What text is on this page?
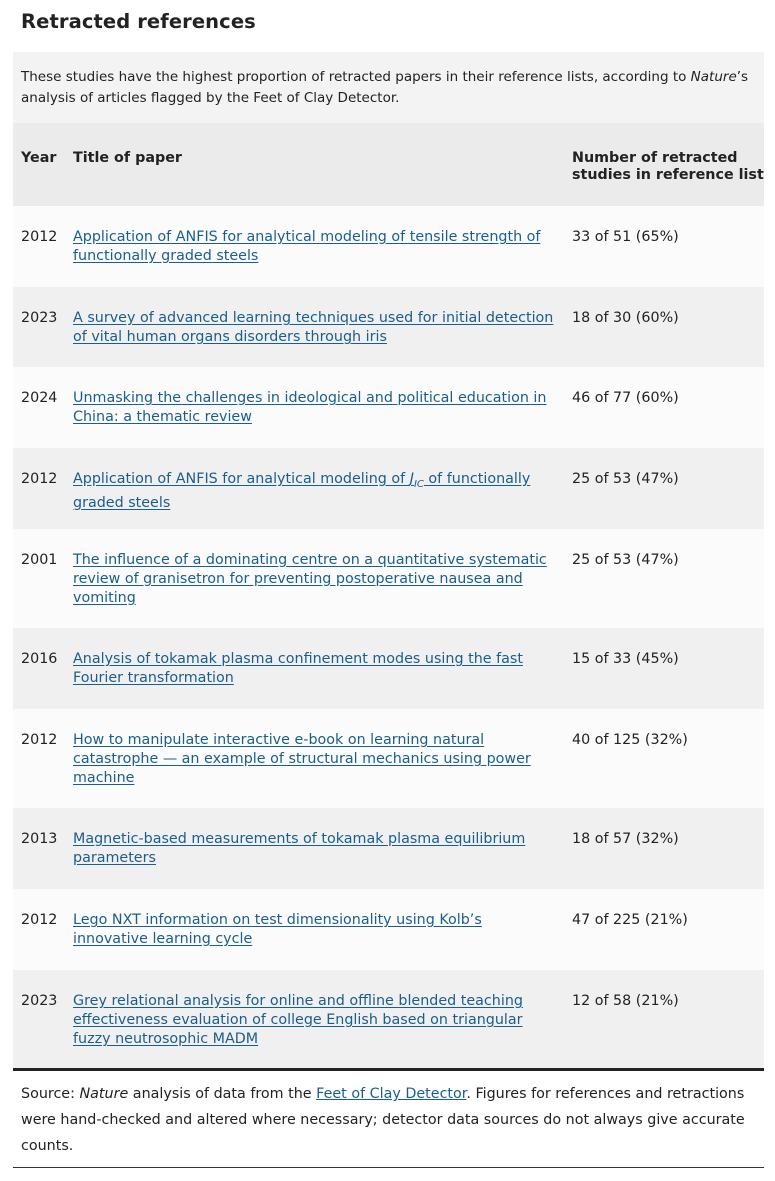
Retracted references
These studies have the highest proportion of retracted papers in their reference lists, according to Nature’s
analysis of articles flagged by the Feet of Clay Detector.
Year	Title of paper	Number of retracted
studies in reference list
2012	Application of ANFIS for analytical modeling of tensile strength of
functionally graded steels	33 of 51 (65%)
2023	A survey of advanced learning techniques used for initial detection
of vital human organs disorders through iris	18 of 30 (60%)
2024	Unmasking the challenges in ideological and political education in
China: a thematic review	46 of 77 (60%)
2012	Application of ANFIS for analytical modeling of $J_{IC}$ of functionally
graded steels	25 of 53 (47%)
2001	The influence of a dominating centre on a quantitative systematic
review of granisetron for preventing postoperative nausea and
vomiting	25 of 53 (47%)
2016	Analysis of tokamak plasma confinement modes using the fast
Fourier transformation	15 of 33 (45%)
2012	How to manipulate interactive e-book on learning natural
catastrophe — an example of structural mechanics using power
machine	40 of 125 (32%)
2013	Magnetic-based measurements of tokamak plasma equilibrium
parameters	18 of 57 (32%)
2012	Lego NXT information on test dimensionality using Kolb’s
innovative learning cycle	47 of 225 (21%)
2023	Grey relational analysis for online and offline blended teaching
effectiveness evaluation of college English based on triangular
fuzzy neutrosophic MADM	12 of 58 (21%)
Source: Nature analysis of data from the Feet of Clay Detector. Figures for references and retractions
were hand-checked and altered where necessary; detector data sources do not always give accurate
counts.
